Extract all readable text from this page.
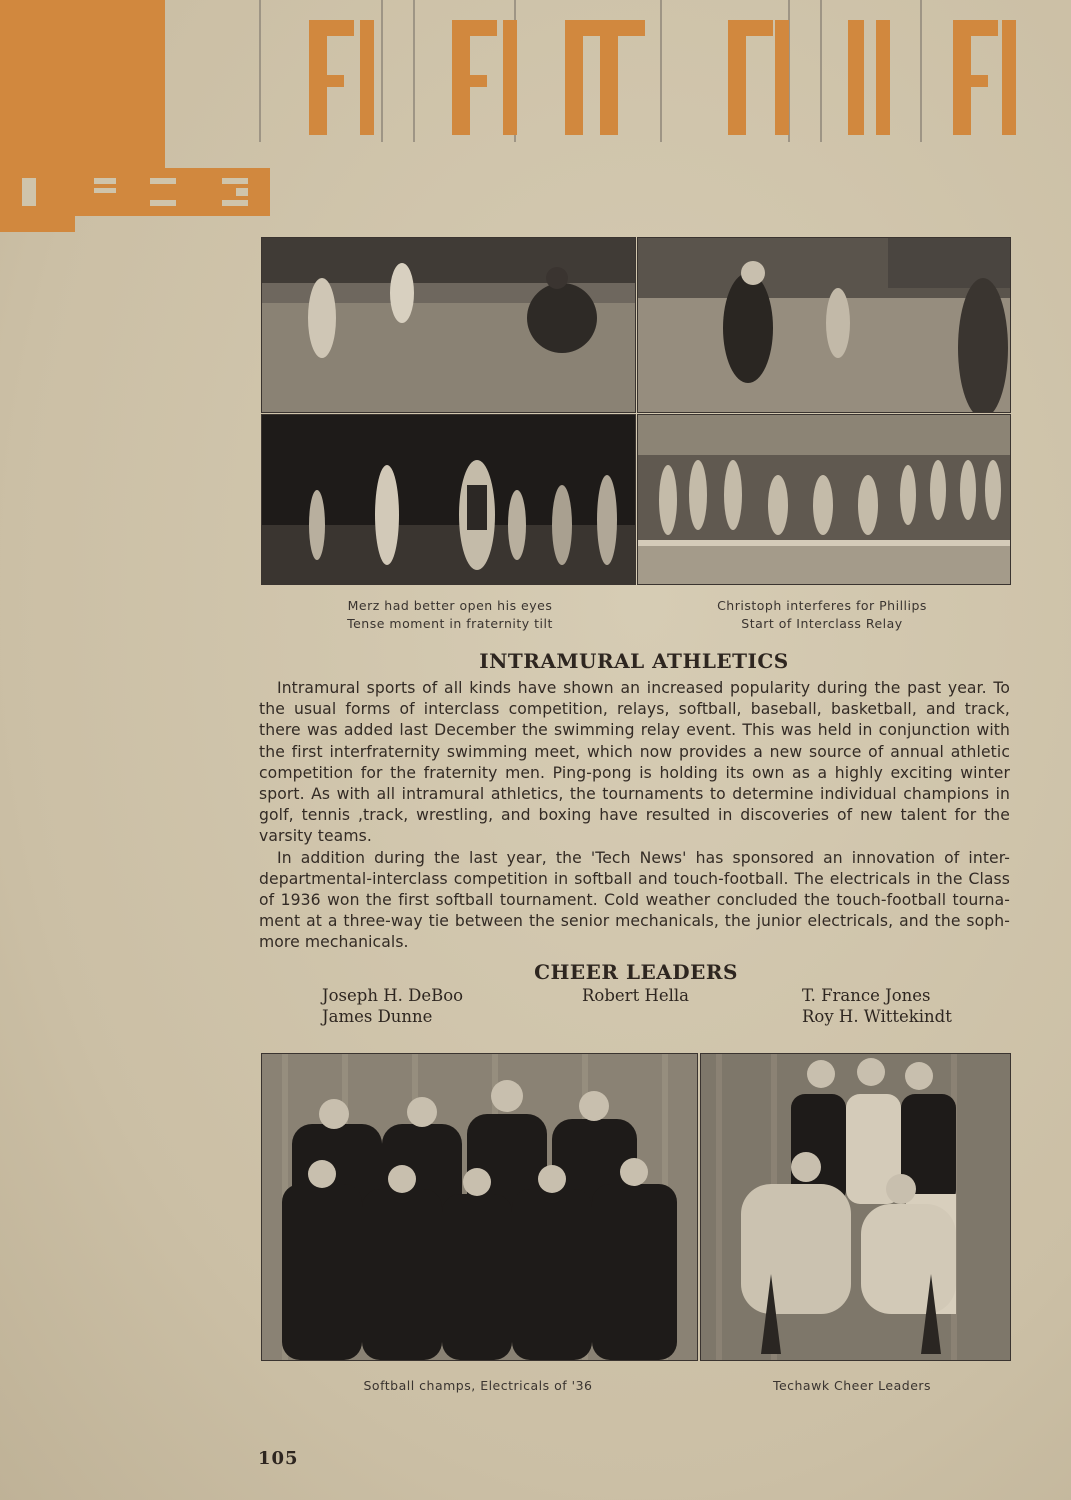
Merz had better open his eyes
Tense moment in fraternity tilt
Christoph interferes for Phillips
Start of Interclass Relay
INTRAMURAL ATHLETICS

Intramural sports of all kinds have shown an increased popularity during the past year. To the usual forms of interclass competition, relays, softball, baseball, basketball, and track, there was added last December the swimming relay event. This was held in conjunction with the first interfraternity swimming meet, which now provides a new source of annual athletic competition for the fraternity men. Ping-pong is holding its own as a highly exciting winter sport. As with all intramural athletics, the tournaments to determine individual champions in golf, tennis ,track, wrestling, and boxing have resulted in discoveries of new talent for the varsity teams.

In addition during the last year, the 'Tech News' has sponsored an innovation of inter-departmental-interclass competition in softball and touch-football. The electricals in the Class of 1936 won the first softball tournament. Cold weather concluded the touch-football tourna-ment at a three-way tie between the senior mechanicals, the junior electricals, and the soph-more mechanicals.

CHEER LEADERS
Joseph H. DeBoo
James Dunne
Robert Hella	T. France Jones
Roy H. Wittekindt
Softball champs, Electricals of '36	Techawk Cheer Leaders
105
